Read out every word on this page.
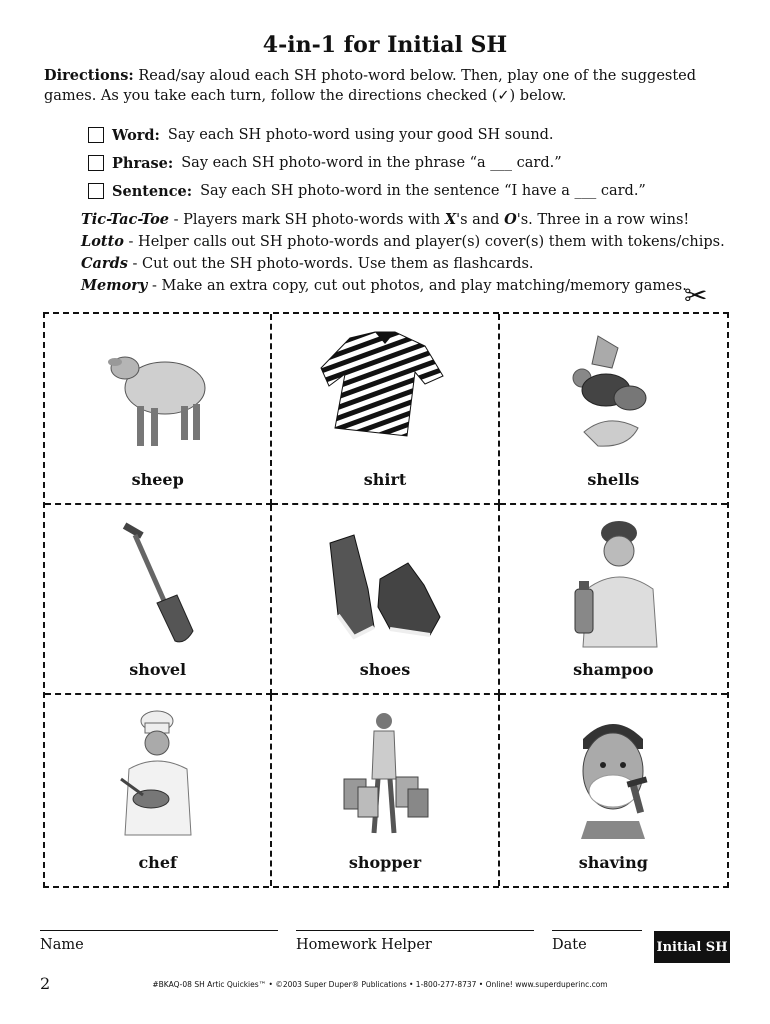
4-in-1 for Initial SH
Directions: Read/say aloud each SH photo-word below. Then, play one of the suggested games. As you take each turn, follow the directions checked (✓) below.
Word: Say each SH photo-word using your good SH sound.
Phrase: Say each SH photo-word in the phrase “a ___ card.”
Sentence: Say each SH photo-word in the sentence “I have a ___ card.”
Tic-Tac-Toe - Players mark SH photo-words with X's and O's. Three in a row wins!
Lotto - Helper calls out SH photo-words and player(s) cover(s) them with tokens/chips.
Cards - Cut out the SH photo-words. Use them as flashcards.
Memory - Make an extra copy, cut out photos, and play matching/memory games.
✂
sheep	shirt	shells
shovel	shoes	shampoo
chef	shopper	shaving
Name	Homework Helper	Date	Initial SH
2	#BKAQ-08 SH Artic Quickies™ • ©2003 Super Duper® Publications • 1-800-277-8737 • Online! www.superduperinc.com
